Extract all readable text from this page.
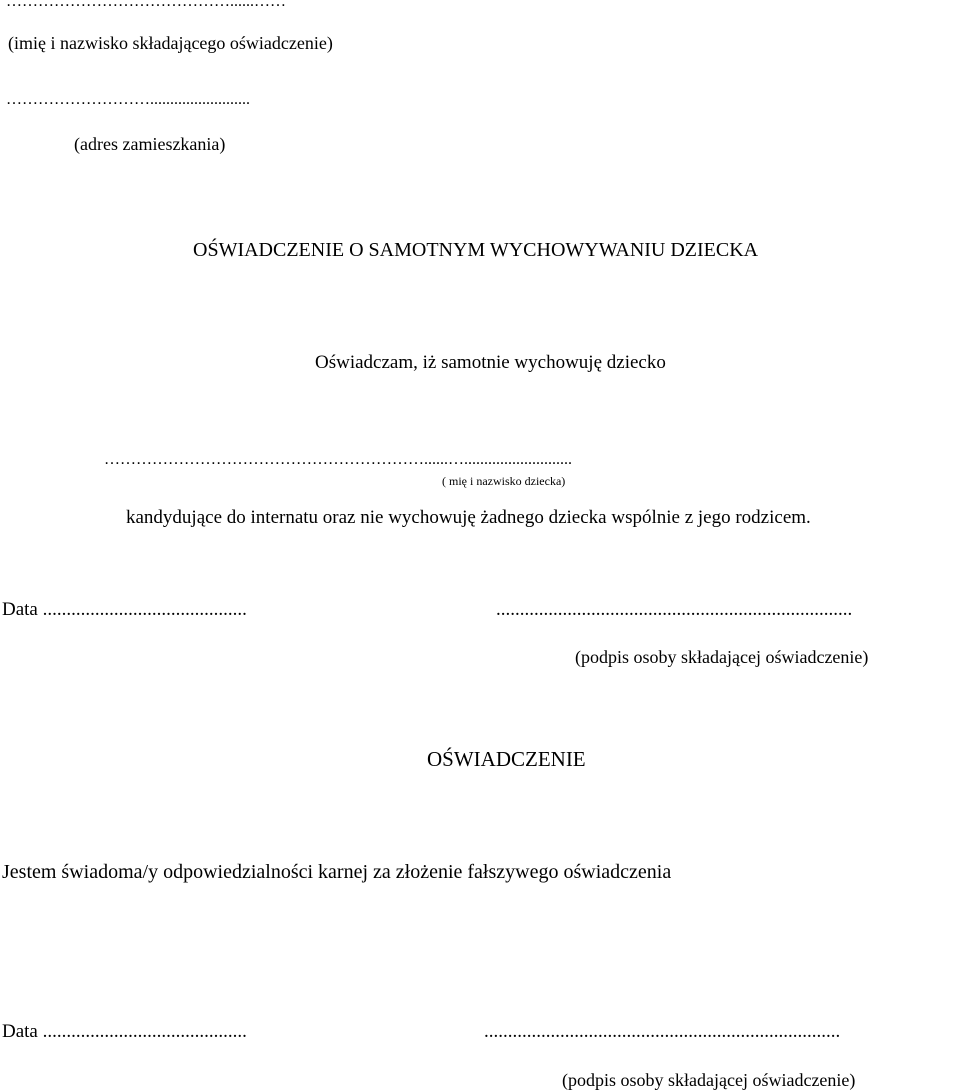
……………………………………......……
(imię i nazwisko składającego oświadczenie)
……………………….........................
(adres zamieszkania)
OŚWIADCZENIE O SAMOTNYM WYCHOWYWANIU DZIECKA
Oświadczam, iż samotnie wychowuję dziecko
……………………………………………………......…...........................
( mię i nazwisko dziecka)
kandydujące do internatu oraz nie wychowuję żadnego dziecka wspólnie z jego rodzicem.
Data ...........................................	...........................................................................
(podpis osoby składającej oświadczenie)
OŚWIADCZENIE
Jestem świadoma/y odpowiedzialności karnej za złożenie fałszywego oświadczenia
Data ...........................................	...........................................................................
(podpis osoby składającej oświadczenie)
